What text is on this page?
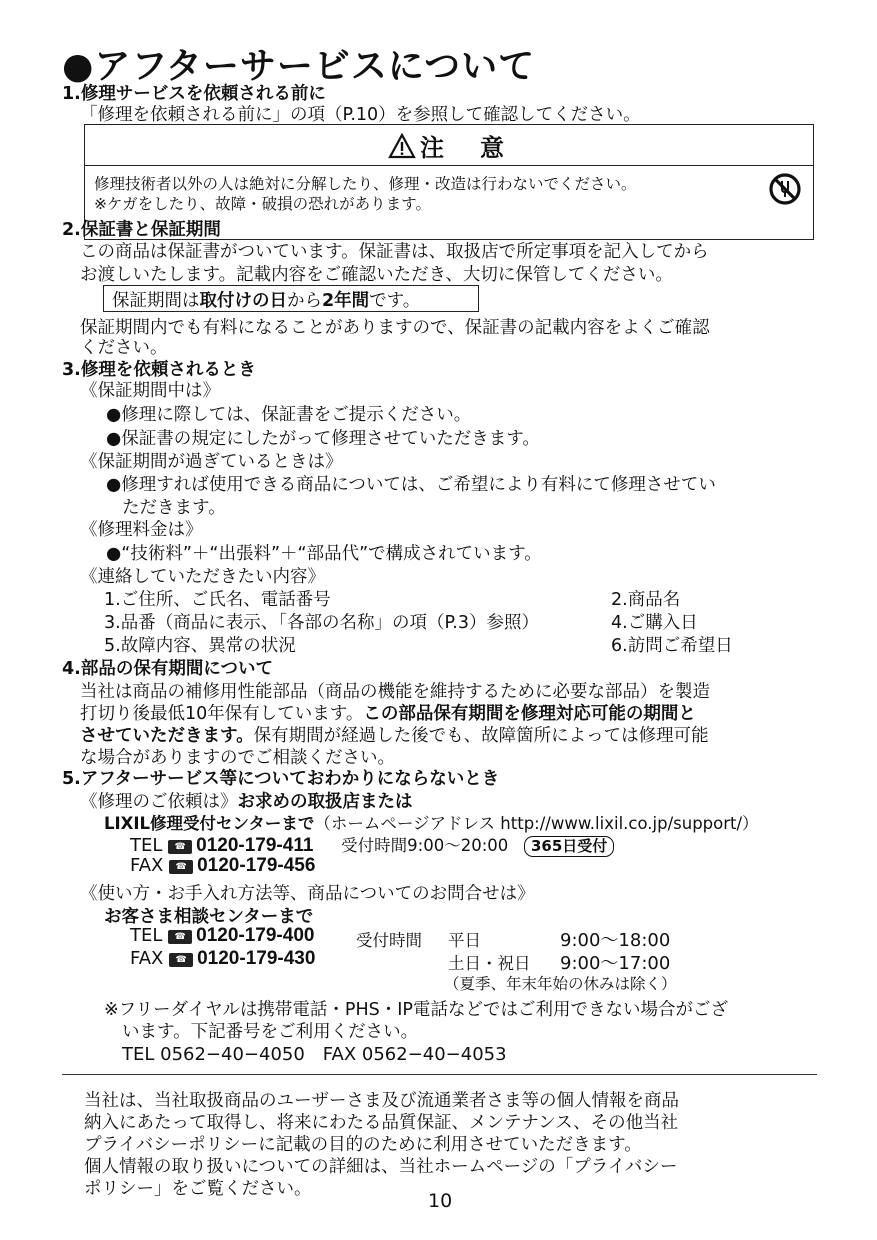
●アフターサービスについて
1.修理サービスを依頼される前に
「修理を依頼される前に」の項（P.10）を参照して確認してください。
注　意
修理技術者以外の人は絶対に分解したり、修理・改造は行わないでください。
※ケガをしたり、故障・破損の恐れがあります。
2.保証書と保証期間
この商品は保証書がついています。保証書は、取扱店で所定事項を記入してから
お渡しいたします。記載内容をご確認いただき、大切に保管してください。
保証期間は取付けの日から2年間です。
保証期間内でも有料になることがありますので、保証書の記載内容をよくご確認
ください。
3.修理を依頼されるとき
《保証期間中は》
●修理に際しては、保証書をご提示ください。
●保証書の規定にしたがって修理させていただきます。
《保証期間が過ぎているときは》
●修理すれば使用できる商品については、ご希望により有料にて修理させてい
ただきます。
《修理料金は》
●“技術料”＋“出張料”＋“部品代”で構成されています。
《連絡していただきたい内容》
1.ご住所、ご氏名、電話番号	2.商品名
3.品番（商品に表示、「各部の名称」の項（P.3）参照）	4.ご購入日
5.故障内容、異常の状況	6.訪問ご希望日
4.部品の保有期間について
当社は商品の補修用性能部品（商品の機能を維持するために必要な部品）を製造
打切り後最低10年保有しています。この部品保有期間を修理対応可能の期間と
させていただきます。保有期間が経過した後でも、故障箇所によっては修理可能
な場合がありますのでご相談ください。
5.アフターサービス等についておわかりにならないとき
《修理のご依頼は》お求めの取扱店または
LIXIL修理受付センターまで（ホームページアドレス http://www.lixil.co.jp/support/）
TEL ☎ 0120-179-411 受付時間9:00～20:00 365日受付
FAX ☎ 0120-179-456
《使い方・お手入れ方法等、商品についてのお問合せは》
お客さま相談センターまで
TEL ☎ 0120-179-400
FAX ☎ 0120-179-430
受付時間 平日	9:00～18:00
土日・祝日 9:00～17:00
（夏季、年末年始の休みは除く）
※フリーダイヤルは携帯電話・PHS・IP電話などではご利用できない場合がござ
います。下記番号をご利用ください。
TEL 0562−40−4050　FAX 0562−40−4053
当社は、当社取扱商品のユーザーさま及び流通業者さま等の個人情報を商品
納入にあたって取得し、将来にわたる品質保証、メンテナンス、その他当社
プライバシーポリシーに記載の目的のために利用させていただきます。
個人情報の取り扱いについての詳細は、当社ホームページの「プライバシー
ポリシー」をご覧ください。
10
